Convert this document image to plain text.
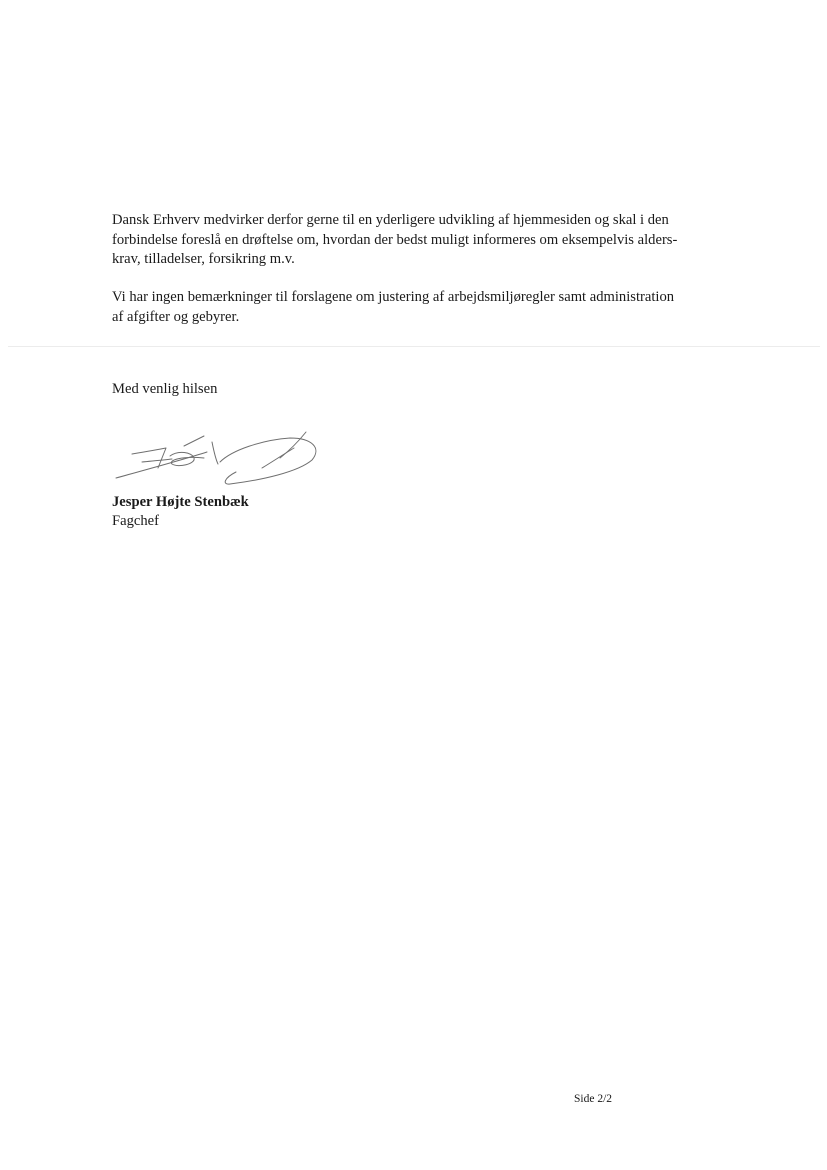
Dansk Erhverv medvirker derfor gerne til en yderligere udvikling af hjemmesiden og skal i den
forbindelse foreslå en drøftelse om, hvordan der bedst muligt informeres om eksempelvis alders-
krav, tilladelser, forsikring m.v.

Vi har ingen bemærkninger til forslagene om justering af arbejdsmiljøregler samt administration
af afgifter og gebyrer.

Med venlig hilsen

Jesper Højte Stenbæk

Fagchef

Side 2/2
